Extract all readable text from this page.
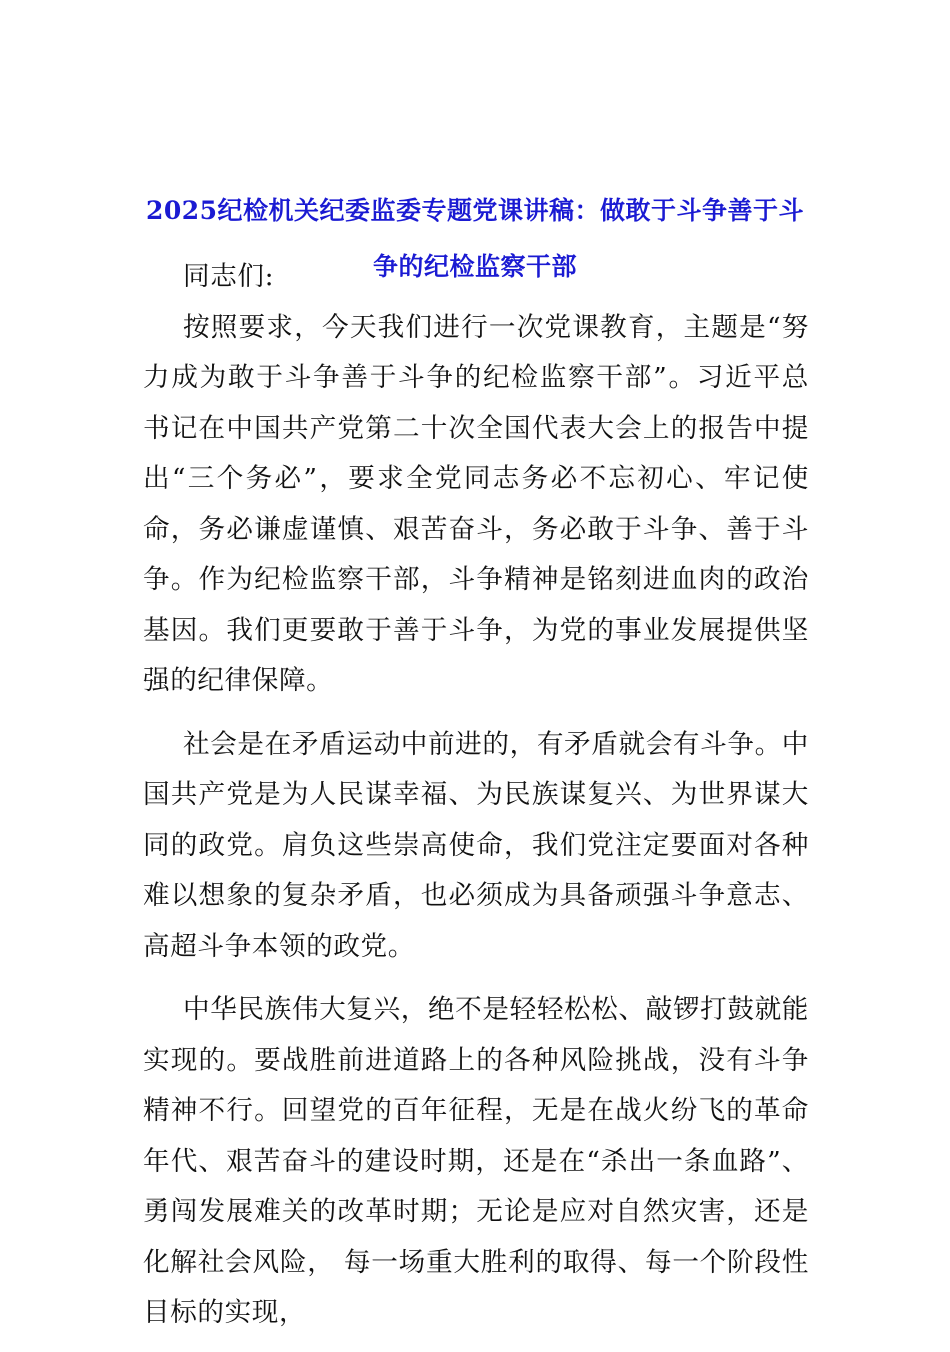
2025纪检机关纪委监委专题党课讲稿：做敢于斗争善于斗
争的纪检监察干部

同志们:

按照要求，今天我们进行一次党课教育，主题是“努力成为敢于斗争善于斗争的纪检监察干部”。习近平总书记在中国共产党第二十次全国代表大会上的报告中提出“三个务必”，要求全党同志务必不忘初心、牢记使命，务必谦虚谨慎、艰苦奋斗，务必敢于斗争、善于斗争。作为纪检监察干部，斗争精神是铭刻进血肉的政治基因。我们更要敢于善于斗争，为党的事业发展提供坚强的纪律保障。

社会是在矛盾运动中前进的，有矛盾就会有斗争。中国共产党是为人民谋幸福、为民族谋复兴、为世界谋大同的政党。肩负这些崇高使命，我们党注定要面对各种难以想象的复杂矛盾，也必须成为具备顽强斗争意志、高超斗争本领的政党。

中华民族伟大复兴，绝不是轻轻松松、敲锣打鼓就能实现的。要战胜前进道路上的各种风险挑战，没有斗争精神不行。回望党的百年征程，无是在战火纷飞的革命年代、艰苦奋斗的建设时期，还是在“杀出一条血路”、勇闯发展难关的改革时期；无论是应对自然灾害，还是化解社会风险， 每一场重大胜利的取得、每一个阶段性目标的实现，
